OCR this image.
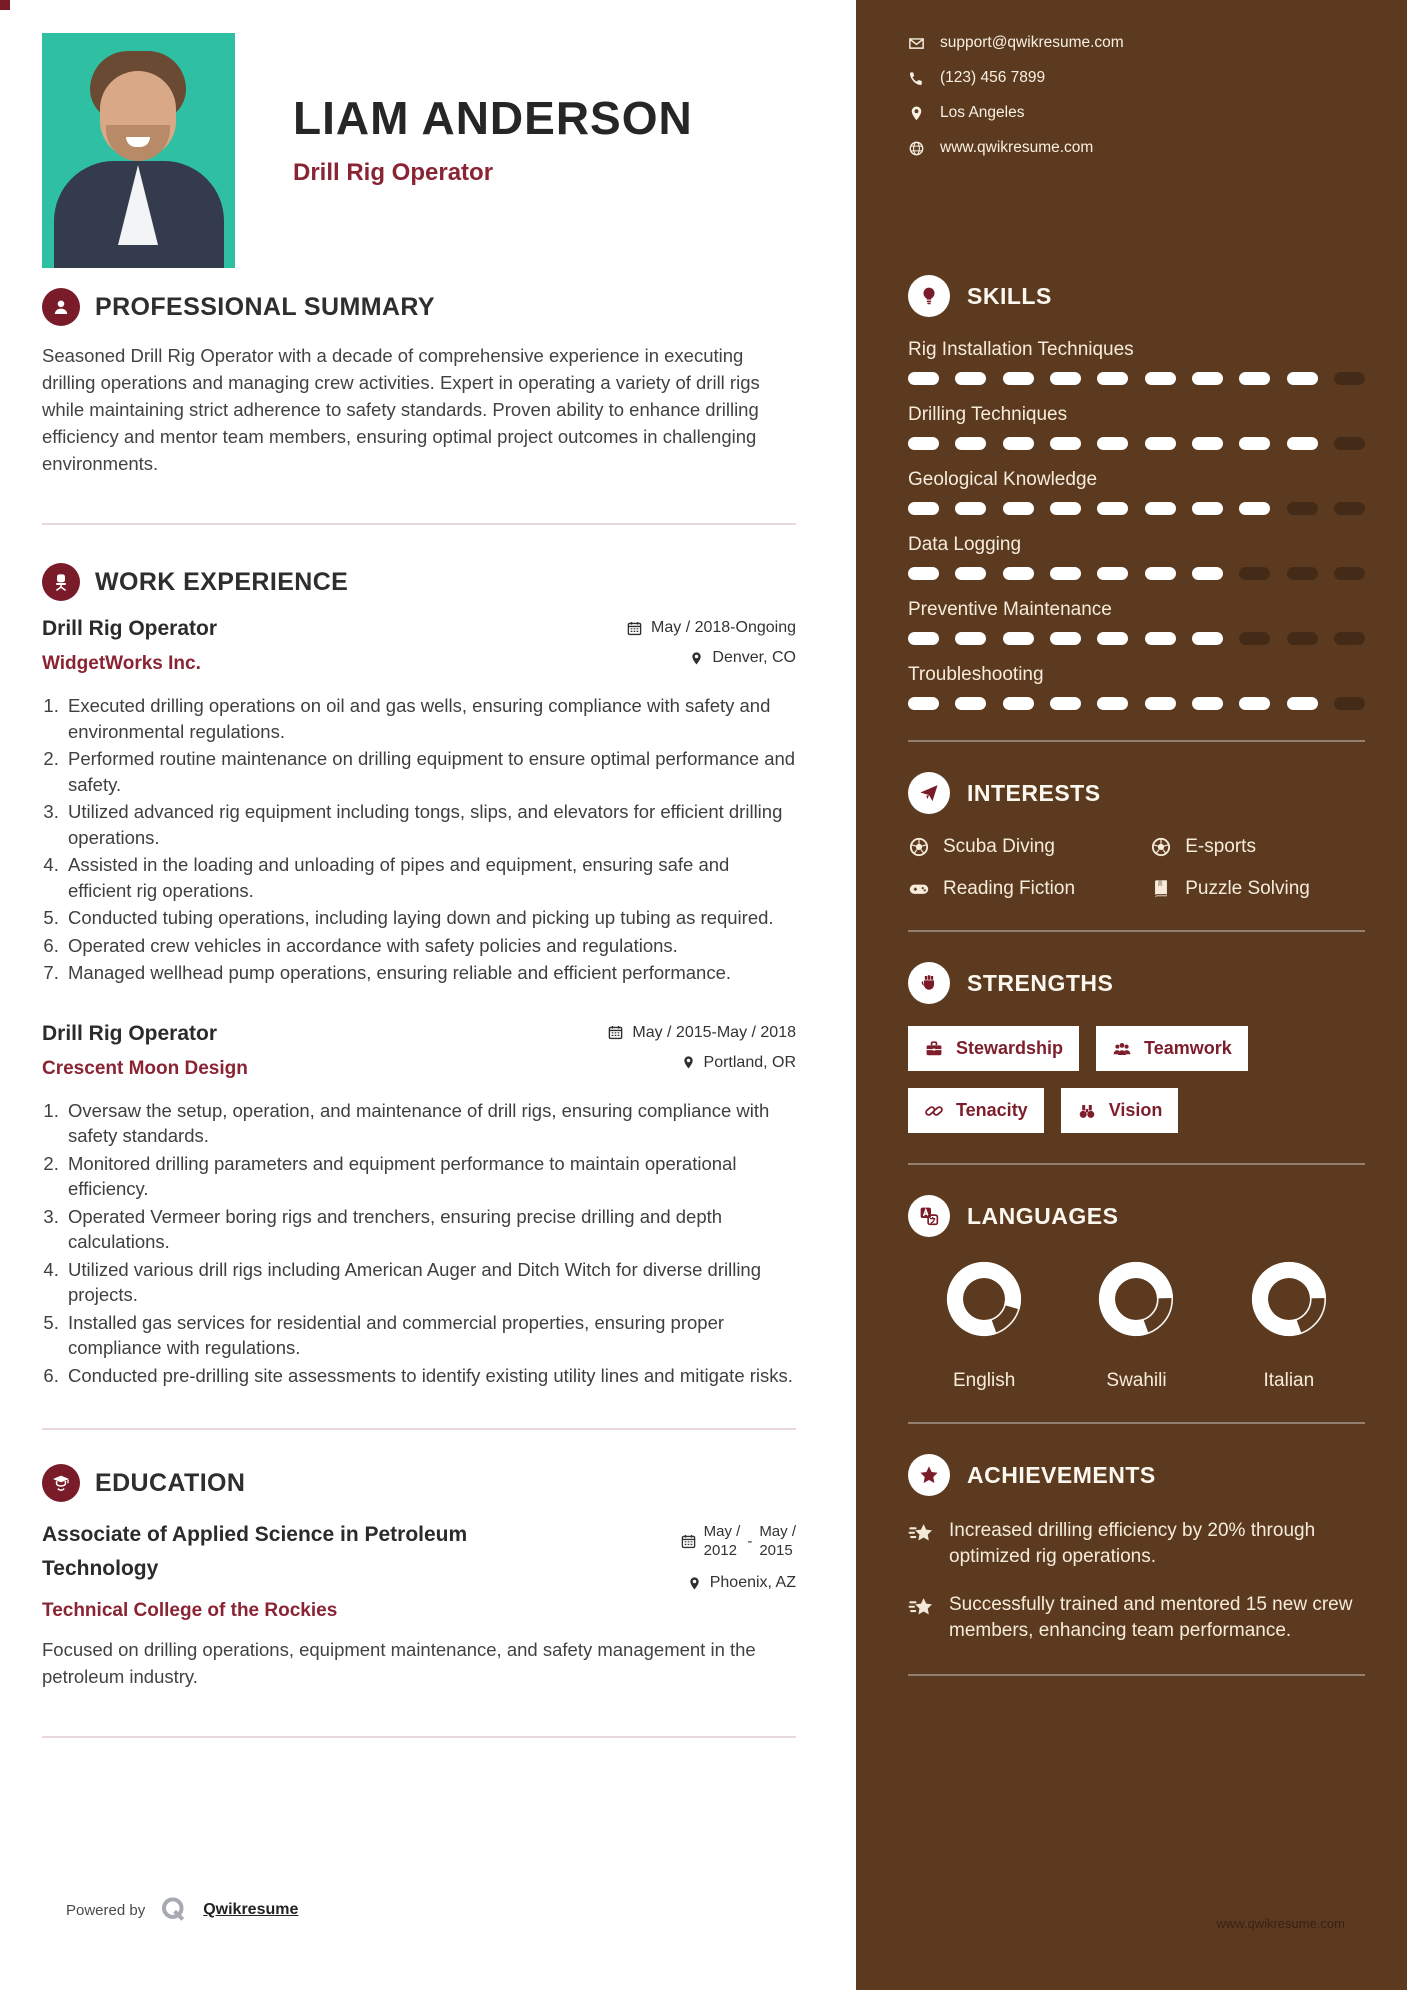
LIAM ANDERSON
Drill Rig Operator
PROFESSIONAL SUMMARY

Seasoned Drill Rig Operator with a decade of comprehensive experience in executing drilling operations and managing crew activities. Expert in operating a variety of drill rigs while maintaining strict adherence to safety standards. Proven ability to enhance drilling efficiency and mentor team members, ensuring optimal project outcomes in challenging environments.

WORK EXPERIENCE
Drill Rig Operator
WidgetWorks Inc.
May / 2018-Ongoing
Denver, CO
1. Executed drilling operations on oil and gas wells, ensuring compliance with safety and environmental regulations.
2. Performed routine maintenance on drilling equipment to ensure optimal performance and safety.
3. Utilized advanced rig equipment including tongs, slips, and elevators for efficient drilling operations.
4. Assisted in the loading and unloading of pipes and equipment, ensuring safe and efficient rig operations.
5. Conducted tubing operations, including laying down and picking up tubing as required.
6. Operated crew vehicles in accordance with safety policies and regulations.
7. Managed wellhead pump operations, ensuring reliable and efficient performance.
Drill Rig Operator
Crescent Moon Design
May / 2015-May / 2018
Portland, OR
1. Oversaw the setup, operation, and maintenance of drill rigs, ensuring compliance with safety standards.
2. Monitored drilling parameters and equipment performance to maintain operational efficiency.
3. Operated Vermeer boring rigs and trenchers, ensuring precise drilling and depth calculations.
4. Utilized various drill rigs including American Auger and Ditch Witch for diverse drilling projects.
5. Installed gas services for residential and commercial properties, ensuring proper compliance with regulations.
6. Conducted pre-drilling site assessments to identify existing utility lines and mitigate risks.
EDUCATION
Associate of Applied Science in Petroleum Technology
Technical College of the Rockies
May /
2012
-
May /
2015
Phoenix, AZ

Focused on drilling operations, equipment maintenance, and safety management in the petroleum industry.

support@qwikresume.com
(123) 456 7899
Los Angeles
www.qwikresume.com
SKILLS
Rig Installation Techniques
Drilling Techniques
Geological Knowledge
Data Logging
Preventive Maintenance
Troubleshooting
INTERESTS
Scuba Diving	E-sports
Reading Fiction	Puzzle Solving
STRENGTHS
Stewardship	Teamwork
Tenacity	Vision
LANGUAGES
English	Swahili	Italian
ACHIEVEMENTS
Increased drilling efficiency by 20% through optimized rig operations.
Successfully trained and mentored 15 new crew members, enhancing team performance.
www.qwikresume.com
Powered by	Qwikresume
